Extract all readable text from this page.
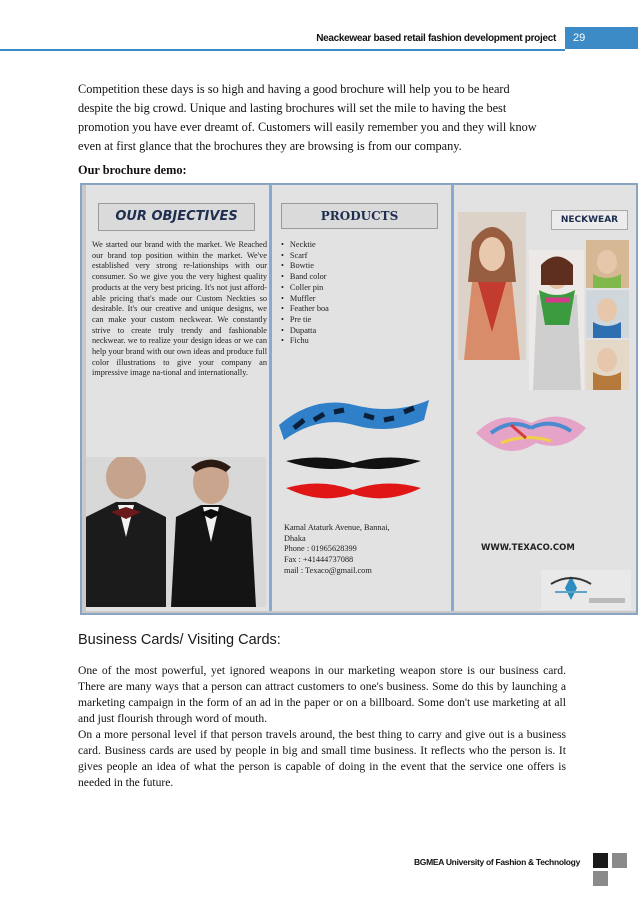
Neackewear based retail fashion development project 29

Competition these days is so high and having a good brochure will help you to be heard

despite the big crowd. Unique and lasting brochures will set the mile to having the best

promotion you have ever dreamt of. Customers will easily remember you and they will know

even at first glance that the brochures they are browsing is from our company.

Our brochure demo:
OUR OBJECTIVES
We started our brand with the market. We Reached our brand top position within the market. We've established very strong re-lationships with our consumer. So we give you the very highest quality products at the very best pricing. It's not just afford-able pricing that's made our Custom Neckties so desirable. It's our creative and unique designs, we can make your custom neckwear. We constantly strive to create truly trendy and fashionable neckwear. we to realize your design ideas or we can help your brand with our own ideas and produce full color illustrations to give your company an impressive image na-tional and internationally.
PRODUCTS
• Necktie
• Scarf
• Bowtie
• Band color
• Coller pin
• Muffler
• Feather boa
• Pre tie
• Dupatta
• Fichu
Kamal Ataturk Avenue, Bannai,
Dhaka
Phone : 01965628399
Fax : +41444737088
mail : Texaco@gmail.com
NECKWEAR
WWW.TEXACO.COM
Business Cards/ Visiting Cards:

One of the most powerful, yet ignored weapons in our marketing weapon store is our business card. There are many ways that a person can attract customers to one's business. Some do this by launching a marketing campaign in the form of an ad in the paper or on a billboard. Some don't use marketing at all and just flourish through word of mouth.

On a more personal level if that person travels around, the best thing to carry and give out is a business card. Business cards are used by people in big and small time business. It reflects who the person is. It gives people an idea of what the person is capable of doing in the event that the service one offers is needed in the future.

BGMEA University of Fashion & Technology
